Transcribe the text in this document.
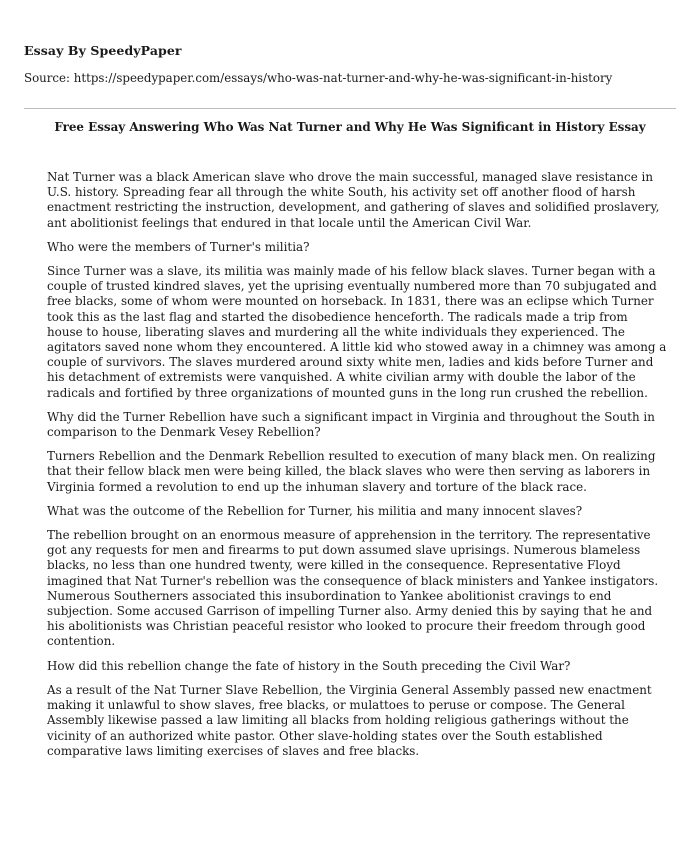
Essay By SpeedyPaper

Source: https://speedypaper.com/essays/who-was-nat-turner-and-why-he-was-significant-in-history

Free Essay Answering Who Was Nat Turner and Why He Was Significant in History Essay

Nat Turner was a black American slave who drove the main successful, managed slave resistance in U.S. history. Spreading fear all through the white South, his activity set off another flood of harsh enactment restricting the instruction, development, and gathering of slaves and solidified proslavery, ant abolitionist feelings that endured in that locale until the American Civil War.

Who were the members of Turner's militia?

Since Turner was a slave, its militia was mainly made of his fellow black slaves. Turner began with a couple of trusted kindred slaves, yet the uprising eventually numbered more than 70 subjugated and free blacks, some of whom were mounted on horseback. In 1831, there was an eclipse which Turner took this as the last flag and started the disobedience henceforth. The radicals made a trip from house to house, liberating slaves and murdering all the white individuals they experienced. The agitators saved none whom they encountered. A little kid who stowed away in a chimney was among a couple of survivors. The slaves murdered around sixty white men, ladies and kids before Turner and his detachment of extremists were vanquished. A white civilian army with double the labor of the radicals and fortified by three organizations of mounted guns in the long run crushed the rebellion.

Why did the Turner Rebellion have such a significant impact in Virginia and throughout the South in comparison to the Denmark Vesey Rebellion?

Turners Rebellion and the Denmark Rebellion resulted to execution of many black men. On realizing that their fellow black men were being killed, the black slaves who were then serving as laborers in Virginia formed a revolution to end up the inhuman slavery and torture of the black race.

What was the outcome of the Rebellion for Turner, his militia and many innocent slaves?

The rebellion brought on an enormous measure of apprehension in the territory. The representative got any requests for men and firearms to put down assumed slave uprisings. Numerous blameless blacks, no less than one hundred twenty, were killed in the consequence. Representative Floyd imagined that Nat Turner's rebellion was the consequence of black ministers and Yankee instigators. Numerous Southerners associated this insubordination to Yankee abolitionist cravings to end subjection. Some accused Garrison of impelling Turner also. Army denied this by saying that he and his abolitionists was Christian peaceful resistor who looked to procure their freedom through good contention.

How did this rebellion change the fate of history in the South preceding the Civil War?

As a result of the Nat Turner Slave Rebellion, the Virginia General Assembly passed new enactment making it unlawful to show slaves, free blacks, or mulattoes to peruse or compose. The General Assembly likewise passed a law limiting all blacks from holding religious gatherings without the vicinity of an authorized white pastor. Other slave-holding states over the South established comparative laws limiting exercises of slaves and free blacks.
